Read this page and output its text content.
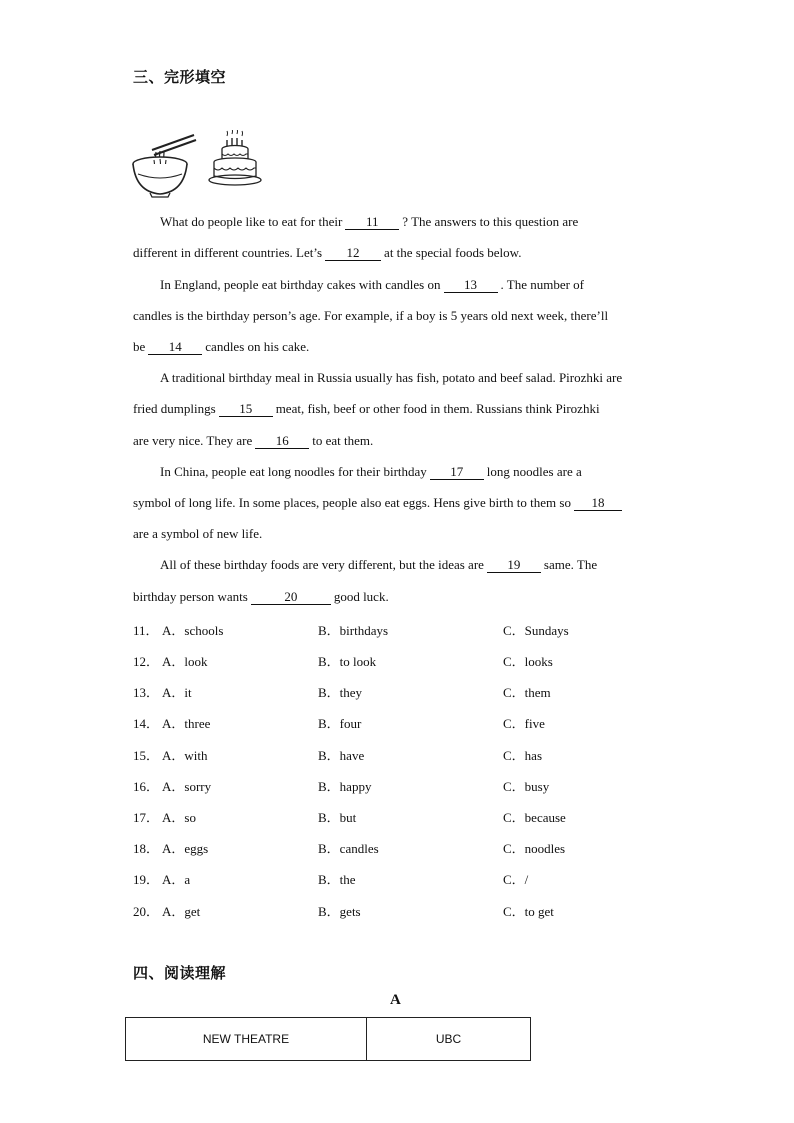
三、完形填空
What do people like to eat for their 11 ? The answers to this question are
different in different countries. Let’s 12 at the special foods below.
In England, people eat birthday cakes with candles on 13 . The number of
candles is the birthday person’s age. For example, if a boy is 5 years old next week, there’ll
be 14 candles on his cake.
A traditional birthday meal in Russia usually has fish, potato and beef salad. Pirozhki are
fried dumplings 15 meat, fish, beef or other food in them. Russians think Pirozhki
are very nice. They are 16 to eat them.
In China, people eat long noodles for their birthday 17 long noodles are a
symbol of long life. In some places, people also eat eggs. Hens give birth to them so 18
are a symbol of new life.
All of these birthday foods are very different, but the ideas are 19 same. The
birthday person wants	20	good luck.
11． A．schools	B．birthdays	C．Sundays
12． A．look	B．to look	C．looks
13． A．it	B．they	C．them
14． A．three	B．four	C．five
15． A．with	B．have	C．has
16． A．sorry	B．happy	C．busy
17． A．so	B．but	C．because
18． A．eggs	B．candles	C．noodles
19． A．a	B．the	C．/
20． A．get	B．gets	C．to get
四、阅读理解
A
NEW THEATRE	UBC
